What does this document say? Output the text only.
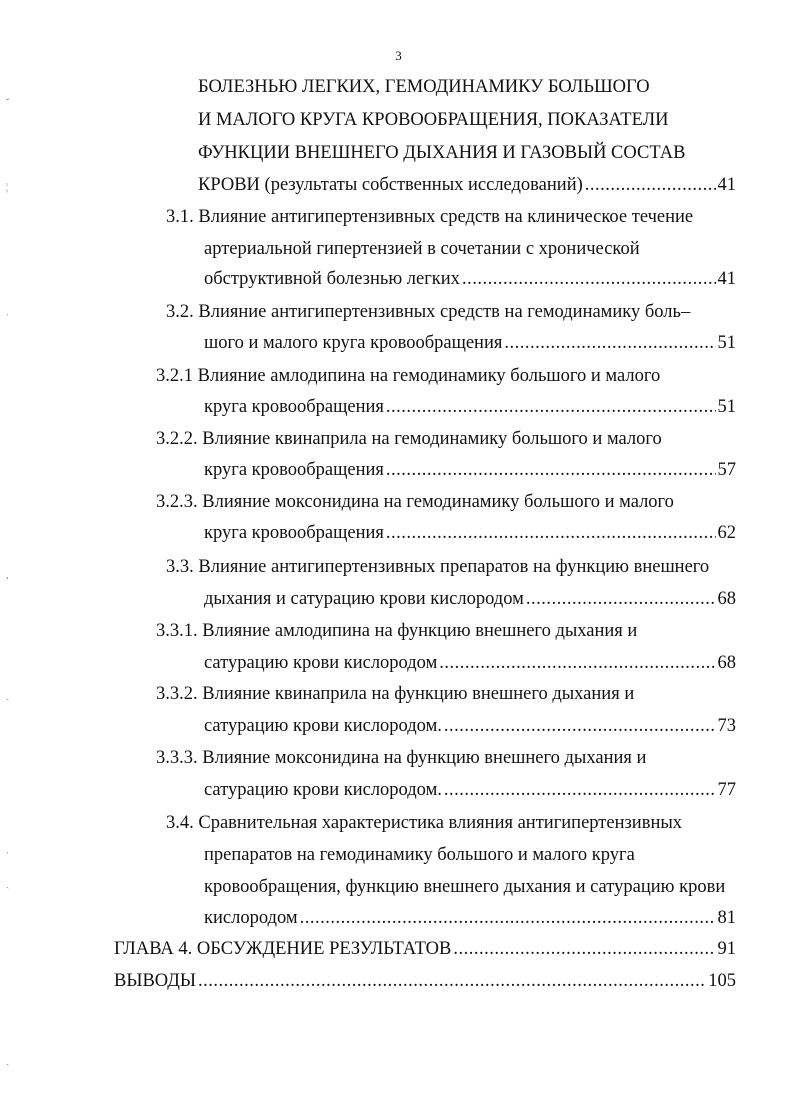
3
БОЛЕЗНЬЮ ЛЕГКИХ, ГЕМОДИНАМИКУ БОЛЬШОГО
И МАЛОГО КРУГА КРОВООБРАЩЕНИЯ, ПОКАЗАТЕЛИ
ФУНКЦИИ ВНЕШНЕГО ДЫХАНИЯ И ГАЗОВЫЙ СОСТАВ
КРОВИ (результаты собственных исследований) .....	41
3.1. Влияние антигипертензивных средств на клиническое течение
артериальной гипертензией в сочетании с хронической
обструктивной болезнью легких .....	41
3.2. Влияние антигипертензивных средств на гемодинамику боль–
шого и малого круга кровообращения .....	51
3.2.1 Влияние амлодипина на гемодинамику большого и малого
круга кровообращения .....	51
3.2.2. Влияние квинаприла на гемодинамику большого и малого
круга кровообращения .....	57
3.2.3. Влияние моксонидина на гемодинамику большого и малого
круга кровообращения .....	62
3.3. Влияние антигипертензивных препаратов на функцию внешнего
дыхания и сатурацию крови кислородом .....	68
3.3.1. Влияние амлодипина на функцию внешнего дыхания и
сатурацию крови кислородом .....	68
3.3.2. Влияние квинаприла на функцию внешнего дыхания и
сатурацию крови кислородом. .....	73
3.3.3. Влияние моксонидина на функцию внешнего дыхания и
сатурацию крови кислородом. .....	77
3.4. Сравнительная характеристика влияния антигипертензивных
препаратов на гемодинамику большого и малого круга
кровообращения, функцию внешнего дыхания и сатурацию крови
кислородом .....	81
ГЛАВА 4. ОБСУЖДЕНИЕ РЕЗУЛЬТАТОВ .....	91
ВЫВОДЫ .....	105
ˇ
¦
ˌ
,
ˎ
ˌ
ˎ
ˏ
